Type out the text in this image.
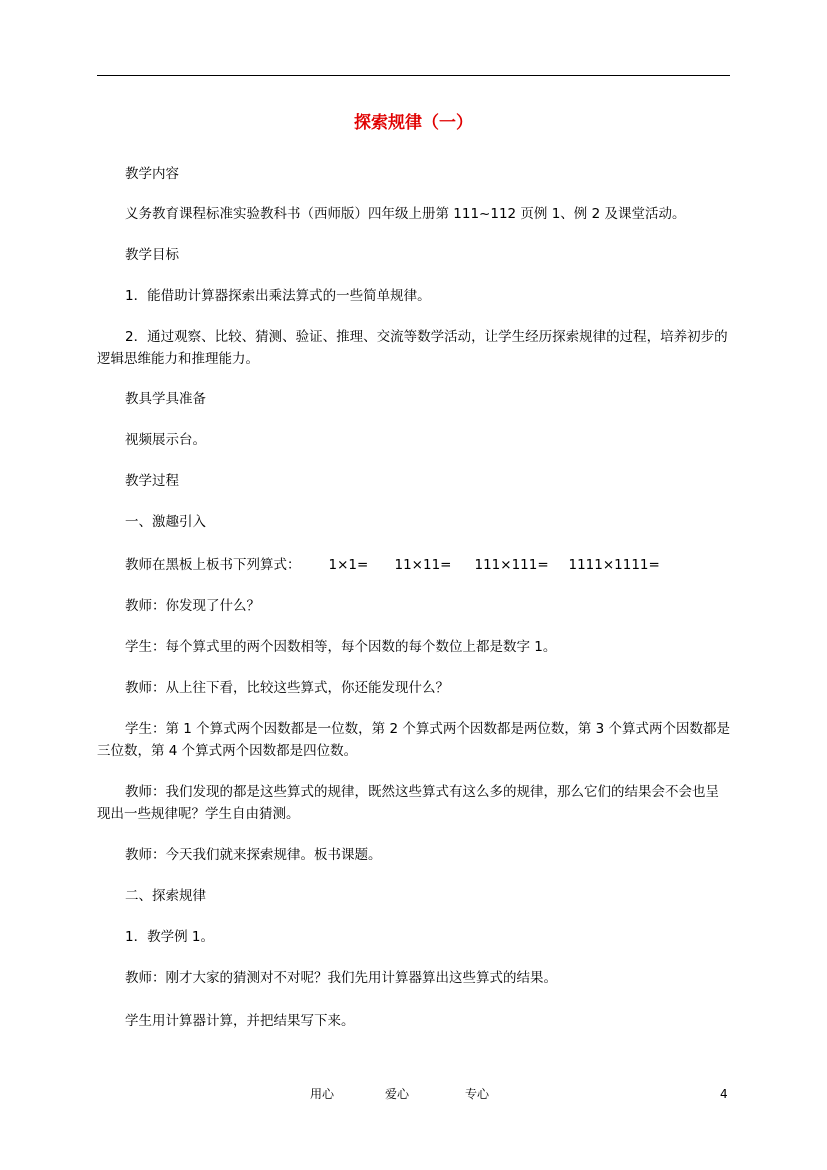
探索规律（一）
教学内容
义务教育课程标准实验教科书（西师版）四年级上册第 111~112 页例 1、例 2 及课堂活动。
教学目标
1．能借助计算器探索出乘法算式的一些简单规律。
2．通过观察、比较、猜测、验证、推理、交流等数学活动，让学生经历探索规律的过程，培养初步的逻辑思维能力和推理能力。
教具学具准备
视频展示台。
教学过程
一、激趣引入
教师在黑板上板书下列算式： 1×1= 11×11= 111×111= 1111×1111=
教师：你发现了什么？
学生：每个算式里的两个因数相等，每个因数的每个数位上都是数字 1。
教师：从上往下看，比较这些算式，你还能发现什么？
学生：第 1 个算式两个因数都是一位数，第 2 个算式两个因数都是两位数，第 3 个算式两个因数都是三位数，第 4 个算式两个因数都是四位数。
教师：我们发现的都是这些算式的规律，既然这些算式有这么多的规律，那么它们的结果会不会也呈现出一些规律呢？学生自由猜测。
教师：今天我们就来探索规律。板书课题。
二、探索规律
1．教学例 1。
教师：刚才大家的猜测对不对呢？我们先用计算器算出这些算式的结果。
学生用计算器计算，并把结果写下来。
用心	爱心	专心	4
